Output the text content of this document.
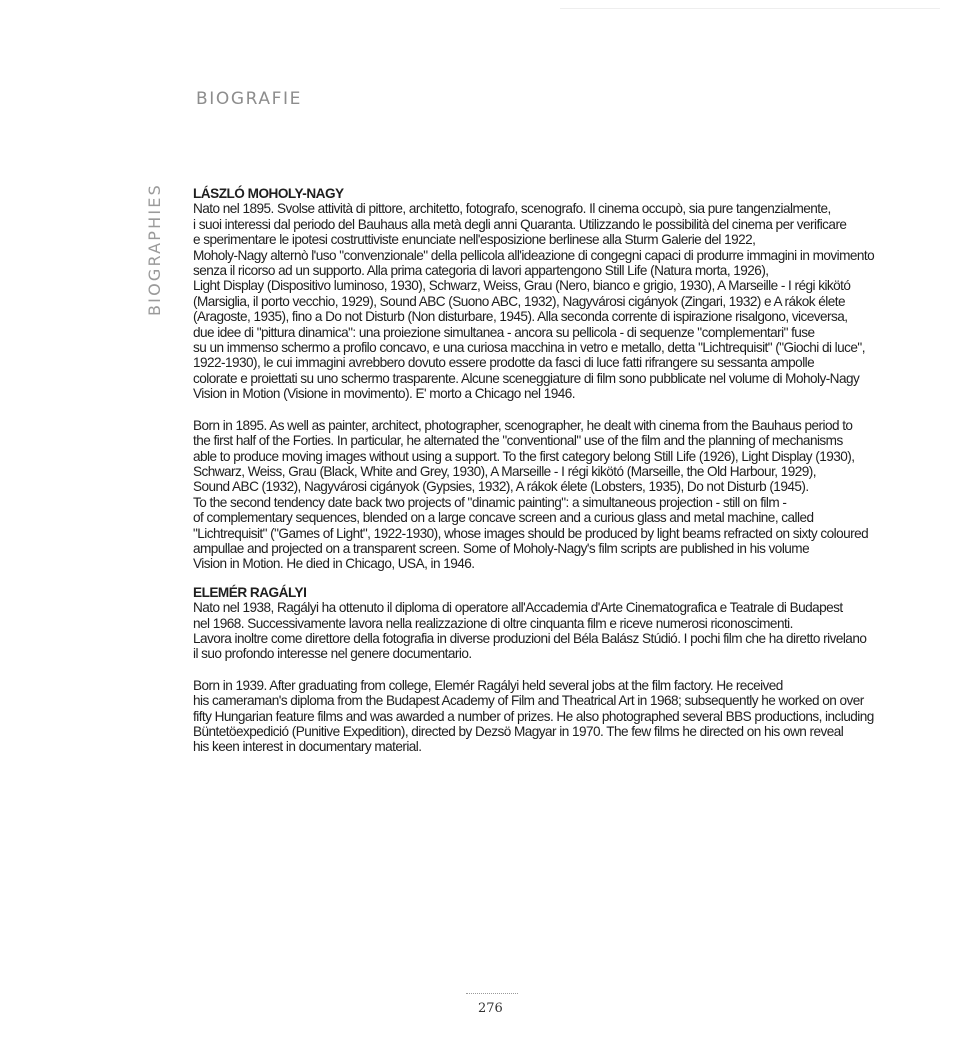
BIOGRAFIE
BIOGRAPHIES LÁSZLÓ MOHOLY-NAGY
Nato nel 1895. Svolse attività di pittore, architetto, fotografo, scenografo. Il cinema occupò, sia pure tangenzialmente,
i suoi interessi dal periodo del Bauhaus alla metà degli anni Quaranta. Utilizzando le possibilità del cinema per verificare
e sperimentare le ipotesi costruttiviste enunciate nell'esposizione berlinese alla Sturm Galerie del 1922,
Moholy-Nagy alternò l'uso "convenzionale" della pellicola all'ideazione di congegni capaci di produrre immagini in movimento
senza il ricorso ad un supporto. Alla prima categoria di lavori appartengono Still Life (Natura morta, 1926),
Light Display (Dispositivo luminoso, 1930), Schwarz, Weiss, Grau (Nero, bianco e grigio, 1930), A Marseille - I régi kikötó
(Marsiglia, il porto vecchio, 1929), Sound ABC (Suono ABC, 1932), Nagyvárosi cigányok (Zingari, 1932) e A rákok élete
(Aragoste, 1935), fino a Do not Disturb (Non disturbare, 1945). Alla seconda corrente di ispirazione risalgono, viceversa,
due idee di "pittura dinamica": una proiezione simultanea - ancora su pellicola - di sequenze "complementari" fuse
su un immenso schermo a profilo concavo, e una curiosa macchina in vetro e metallo, detta "Lichtrequisit" ("Giochi di luce",
1922-1930), le cui immagini avrebbero dovuto essere prodotte da fasci di luce fatti rifrangere su sessanta ampolle
colorate e proiettati su uno schermo trasparente. Alcune sceneggiature di film sono pubblicate nel volume di Moholy-Nagy
Vision in Motion (Visione in movimento). E' morto a Chicago nel 1946.
Born in 1895. As well as painter, architect, photographer, scenographer, he dealt with cinema from the Bauhaus period to
the first half of the Forties. In particular, he alternated the "conventional" use of the film and the planning of mechanisms
able to produce moving images without using a support. To the first category belong Still Life (1926), Light Display (1930),
Schwarz, Weiss, Grau (Black, White and Grey, 1930), A Marseille - I régi kikötó (Marseille, the Old Harbour, 1929),
Sound ABC (1932), Nagyvárosi cigányok (Gypsies, 1932), A rákok élete (Lobsters, 1935), Do not Disturb (1945).
To the second tendency date back two projects of "dinamic painting": a simultaneous projection - still on film -
of complementary sequences, blended on a large concave screen and a curious glass and metal machine, called
"Lichtrequisit" ("Games of Light", 1922-1930), whose images should be produced by light beams refracted on sixty coloured
ampullae and projected on a transparent screen. Some of Moholy-Nagy's film scripts are published in his volume
Vision in Motion. He died in Chicago, USA, in 1946.
ELEMÉR RAGÁLYI
Nato nel 1938, Ragályi ha ottenuto il diploma di operatore all'Accademia d'Arte Cinematografica e Teatrale di Budapest
nel 1968. Successivamente lavora nella realizzazione di oltre cinquanta film e riceve numerosi riconoscimenti.
Lavora inoltre come direttore della fotografia in diverse produzioni del Béla Balász Stúdió. I pochi film che ha diretto rivelano
il suo profondo interesse nel genere documentario.
Born in 1939. After graduating from college, Elemér Ragályi held several jobs at the film factory. He received
his cameraman's diploma from the Budapest Academy of Film and Theatrical Art in 1968; subsequently he worked on over
fifty Hungarian feature films and was awarded a number of prizes. He also photographed several BBS productions, including
Büntetöexpedició (Punitive Expedition), directed by Dezsö Magyar in 1970. The few films he directed on his own reveal
his keen interest in documentary material.
276
